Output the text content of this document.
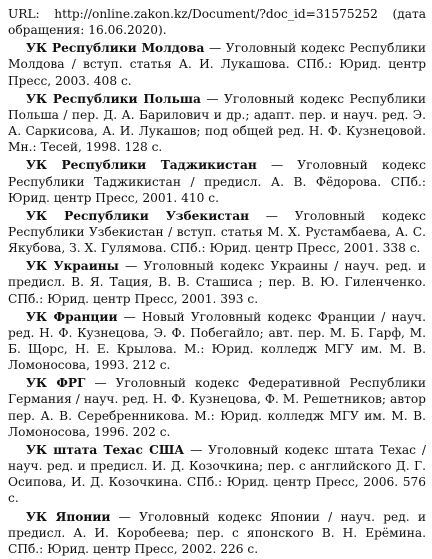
URL: http://online.zakon.kz/Document/?doc_id=31575252 (дата обращения: 16.06.2020).

УК Республики Молдова — Уголовный кодекс Республики Молдова / вступ. статья А. И. Лукашова. СПб.: Юрид. центр Пресс, 2003. 408 с.

УК Республики Польша — Уголовный кодекс Республики Польша / пер. Д. А. Барилович и др.; адапт. пер. и науч. ред. Э. А. Саркисова, А. И. Лукашов; под общей ред. Н. Ф. Кузнецовой. Мн.: Тесей, 1998. 128 с.

УК Республики Таджикистан — Уголовный кодекс Республики Таджикистан / предисл. А. В. Фёдорова. СПб.: Юрид. центр Пресс, 2001. 410 с.

УК Республики Узбекистан — Уголовный кодекс Республики Узбекистан / вступ. статья М. Х. Рустамбаева, А. С. Якубова, З. Х. Гулямова. СПб.: Юрид. центр Пресс, 2001. 338 с.

УК Украины — Уголовный кодекс Украины / науч. ред. и предисл. В. Я. Тация, В. В. Сташиса ; пер. В. Ю. Гиленченко. СПб.: Юрид. центр Пресс, 2001. 393 с.

УК Франции — Новый Уголовный кодекс Франции / науч. ред. Н. Ф. Кузнецова, Э. Ф. Побегайло; авт. пер. М. Б. Гарф, М. Б. Щорс, Н. Е. Крылова. М.: Юрид. колледж МГУ им. М. В. Ломоносова, 1993. 212 с.

УК ФРГ — Уголовный кодекс Федеративной Республики Германия / науч. ред. Н. Ф. Кузнецова, Ф. М. Решетников; автор пер. А. В. Серебренникова. М.: Юрид. колледж МГУ им. М. В. Ломоносова, 1996. 202 с.

УК штата Техас США — Уголовный кодекс штата Техас / науч. ред. и предисл. И. Д. Козочкина; пер. с английского Д. Г. Осипова, И. Д. Козочкина. СПб.: Юрид. центр Пресс, 2006. 576 с.

УК Японии — Уголовный кодекс Японии / науч. ред. и предисл. А. И. Коробеева; пер. с японского В. Н. Ерёмина. СПб.: Юрид. центр Пресс, 2002. 226 с.
